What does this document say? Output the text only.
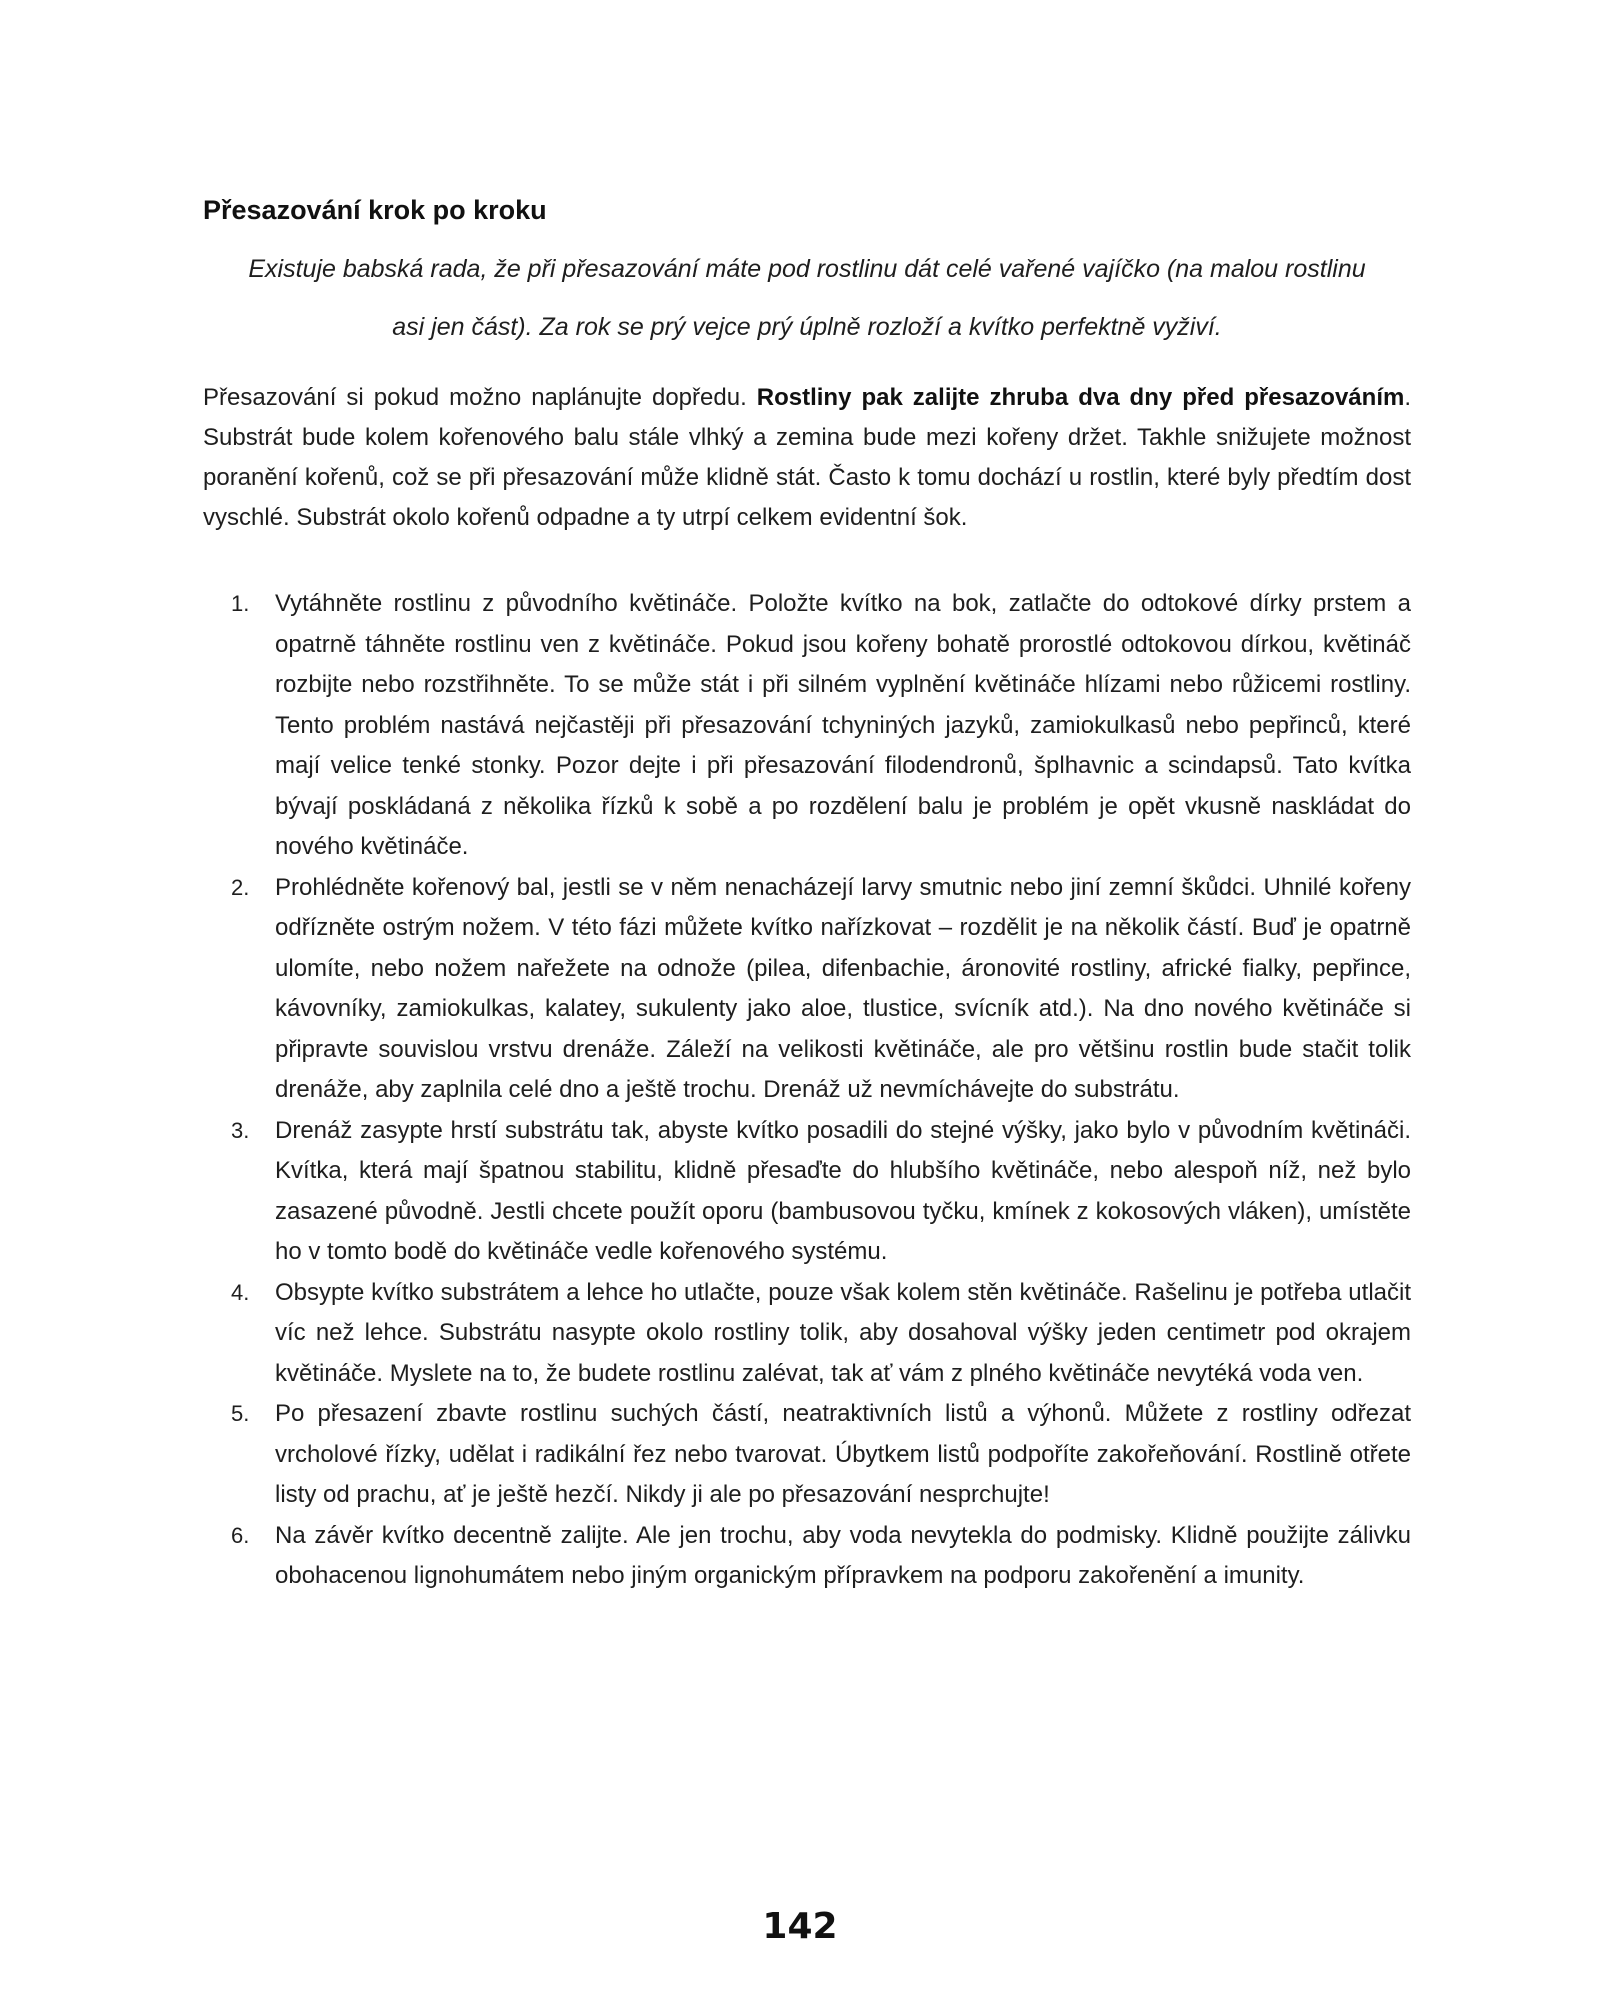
Přesazování krok po kroku

Existuje babská rada, že při přesazování máte pod rostlinu dát celé vařené vajíčko (na malou rostlinu asi jen část). Za rok se prý vejce prý úplně rozloží a kvítko perfektně vyživí.

Přesazování si pokud možno naplánujte dopředu. Rostliny pak zalijte zhruba dva dny před přesazováním. Substrát bude kolem kořenového balu stále vlhký a zemina bude mezi kořeny držet. Takhle snižujete možnost poranění kořenů, což se při přesazování může klidně stát. Často k tomu dochází u rostlin, které byly předtím dost vyschlé. Substrát okolo kořenů odpadne a ty utrpí celkem evidentní šok.

1. Vytáhněte rostlinu z původního květináče. Položte kvítko na bok, zatlačte do odtokové dírky prstem a opatrně táhněte rostlinu ven z květináče. Pokud jsou kořeny bohatě prorostlé odtokovou dírkou, květináč rozbijte nebo rozstřihněte. To se může stát i při silném vyplnění květináče hlízami nebo růžicemi rostliny. Tento problém nastává nejčastěji při přesazování tchyniných jazyků, zamiokulkasů nebo pepřinců, které mají velice tenké stonky. Pozor dejte i při přesazování filodendronů, šplhavnic a scindapsů. Tato kvítka bývají poskládaná z několika řízků k sobě a po rozdělení balu je problém je opět vkusně naskládat do nového květináče.
2. Prohlédněte kořenový bal, jestli se v něm nenacházejí larvy smutnic nebo jiní zemní škůdci. Uhnilé kořeny odřízněte ostrým nožem. V této fázi můžete kvítko nařízkovat – rozdělit je na několik částí. Buď je opatrně ulomíte, nebo nožem nařežete na odnože (pilea, difenbachie, áronovité rostliny, africké fialky, pepřince, kávovníky, zamiokulkas, kalatey, sukulenty jako aloe, tlustice, svícník atd.). Na dno nového květináče si připravte souvislou vrstvu drenáže. Záleží na velikosti květináče, ale pro většinu rostlin bude stačit tolik drenáže, aby zaplnila celé dno a ještě trochu. Drenáž už nevmíchávejte do substrátu.
3. Drenáž zasypte hrstí substrátu tak, abyste kvítko posadili do stejné výšky, jako bylo v původním květináči. Kvítka, která mají špatnou stabilitu, klidně přesaďte do hlubšího květináče, nebo alespoň níž, než bylo zasazené původně. Jestli chcete použít oporu (bambusovou tyčku, kmínek z kokosových vláken), umístěte ho v tomto bodě do květináče vedle kořenového systému.
4. Obsypte kvítko substrátem a lehce ho utlačte, pouze však kolem stěn květináče. Rašelinu je potřeba utlačit víc než lehce. Substrátu nasypte okolo rostliny tolik, aby dosahoval výšky jeden centimetr pod okrajem květináče. Myslete na to, že budete rostlinu zalévat, tak ať vám z plného květináče nevytéká voda ven.
5. Po přesazení zbavte rostlinu suchých částí, neatraktivních listů a výhonů. Můžete z rostliny odřezat vrcholové řízky, udělat i radikální řez nebo tvarovat. Úbytkem listů podpoříte zakořeňování. Rostlině otřete listy od prachu, ať je ještě hezčí. Nikdy ji ale po přesazování nesprchujte!
6. Na závěr kvítko decentně zalijte. Ale jen trochu, aby voda nevytekla do podmisky. Klidně použijte zálivku obohacenou lignohumátem nebo jiným organickým přípravkem na podporu zakořenění a imunity.
142
